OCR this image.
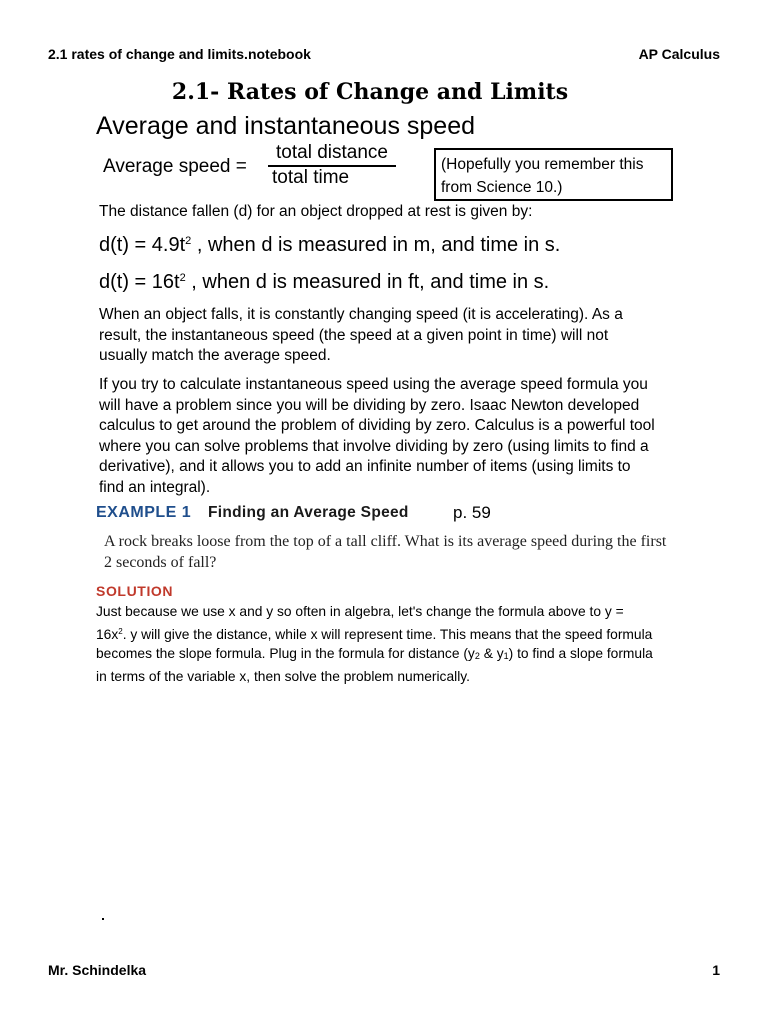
2.1 rates of change and limits.notebook	AP Calculus
2.1- Rates of Change and Limits
Average and instantaneous speed
Average speed =
total distance
total time
(Hopefully you remember this
from Science 10.)
The distance fallen (d) for an object dropped at rest is given by:
$d(t) = 4.9t^2$ , when d is measured in m, and time in s.
$d(t) = 16t^2$ , when d is measured in ft, and time in s.
When an object falls, it is constantly changing speed (it is accelerating). As a result, the instantaneous speed (the speed at a given point in time) will not usually match the average speed.
If you try to calculate instantaneous speed using the average speed formula you will have a problem since you will be dividing by zero. Isaac Newton developed calculus to get around the problem of dividing by zero. Calculus is a powerful tool where you can solve problems that involve dividing by zero (using limits to find a derivative), and it allows you to add an infinite number of items (using limits to find an integral).
EXAMPLE 1 Finding an Average Speed	p. 59
A rock breaks loose from the top of a tall cliff. What is its average speed during the first 2 seconds of fall?
SOLUTION
Just because we use x and y so often in algebra, let's change the formula above to $y = 16x^2$. y will give the distance, while x will represent time. This means that the speed formula becomes the slope formula. Plug in the formula for distance ($y_2$ & $y_1$) to find a slope formula in terms of the variable x, then solve the problem numerically.
Mr. Schindelka	1
